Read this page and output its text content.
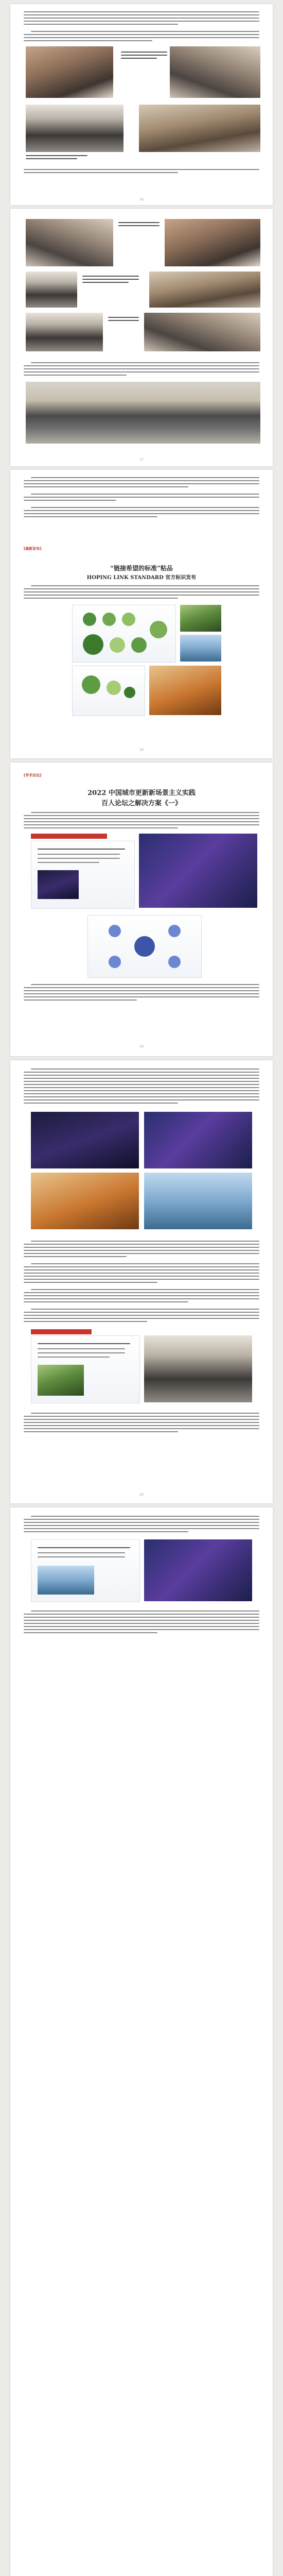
16
17
[最新发布]
“链接希望的标准”粘品
HOPING LINK STANDARD 官方标识发布
18
[学术论坛]
2022 中国城市更新新场景主义实践
百人论坛之解决方案《一》
19
20
